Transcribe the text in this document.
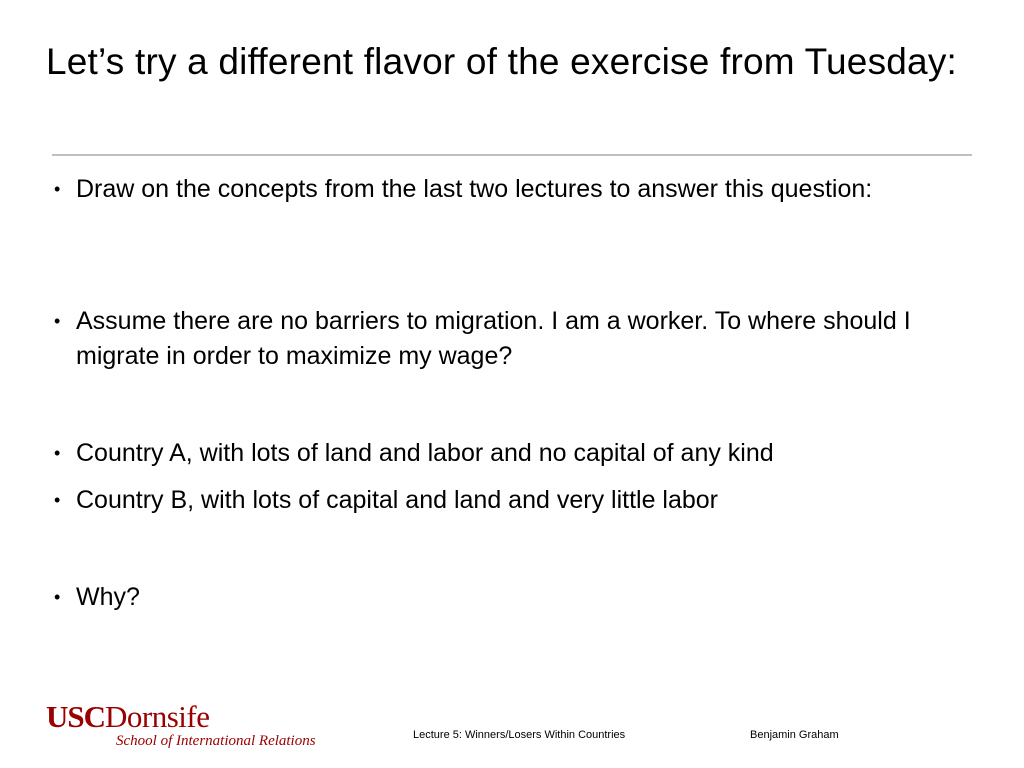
Let’s try a different flavor of the exercise from Tuesday:
• Draw on the concepts from the last two lectures to answer this question:
• Assume there are no barriers to migration. I am a worker. To where should I migrate in order to maximize my wage?
• Country A, with lots of land and labor and no capital of any kind
• Country B, with lots of capital and land and very little labor
• Why?
USCDornsife
School of International Relations	Lecture 5: Winners/Losers Within Countries	Benjamin Graham
